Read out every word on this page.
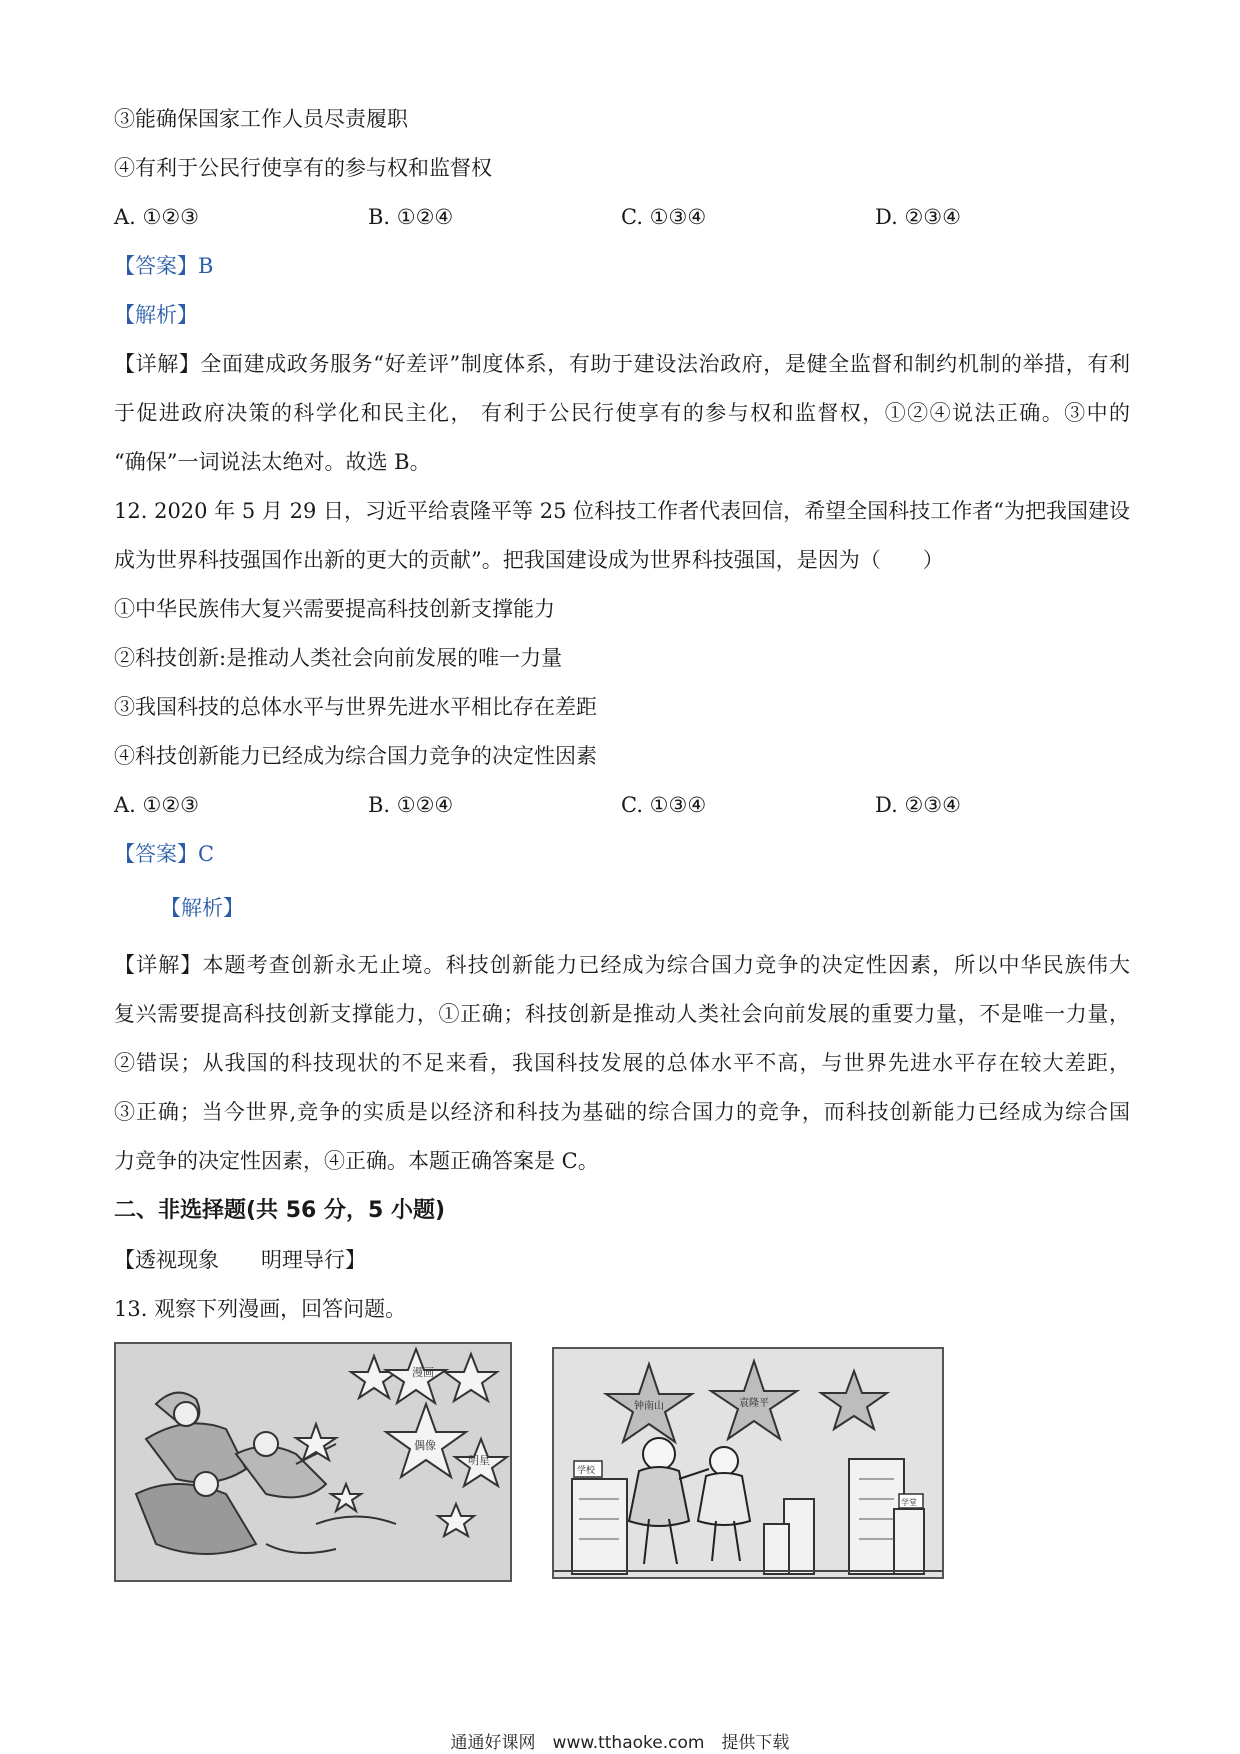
③能确保国家工作人员尽责履职
④有利于公民行使享有的参与权和监督权
A. ①②③	B. ①②④	C. ①③④	D. ②③④
【答案】B
【解析】
【详解】全面建成政务服务“好差评”制度体系，有助于建设法治政府，是健全监督和制约机制的举措，有利
于促进政府决策的科学化和民主化， 有利于公民行使享有的参与权和监督权，①②④说法正确。③中的
“确保”一词说法太绝对。故选 B。
12. 2020 年 5 月 29 日，习近平给袁隆平等 25 位科技工作者代表回信，希望全国科技工作者“为把我国建设
成为世界科技强国作出新的更大的贡献”。把我国建设成为世界科技强国，是因为（　　）
①中华民族伟大复兴需要提高科技创新支撑能力
②科技创新:是推动人类社会向前发展的唯一力量
③我国科技的总体水平与世界先进水平相比存在差距
④科技创新能力已经成为综合国力竞争的决定性因素
A. ①②③	B. ①②④	C. ①③④	D. ②③④
【答案】C
【解析】
【详解】本题考查创新永无止境。科技创新能力已经成为综合国力竞争的决定性因素，所以中华民族伟大
复兴需要提高科技创新支撑能力，①正确；科技创新是推动人类社会向前发展的重要力量，不是唯一力量，
②错误；从我国的科技现状的不足来看，我国科技发展的总体水平不高，与世界先进水平存在较大差距，
③正确；当今世界,竞争的实质是以经济和科技为基础的综合国力的竞争，而科技创新能力已经成为综合国
力竞争的决定性因素，④正确。本题正确答案是 C。
二、非选择题(共 56 分，5 小题)
【透视现象　　明理导行】
13. 观察下列漫画，回答问题。
漫画
偶像
明星
钟南山	袁隆平
学校
学堂
通通好课网　www.tthaoke.com　提供下载
